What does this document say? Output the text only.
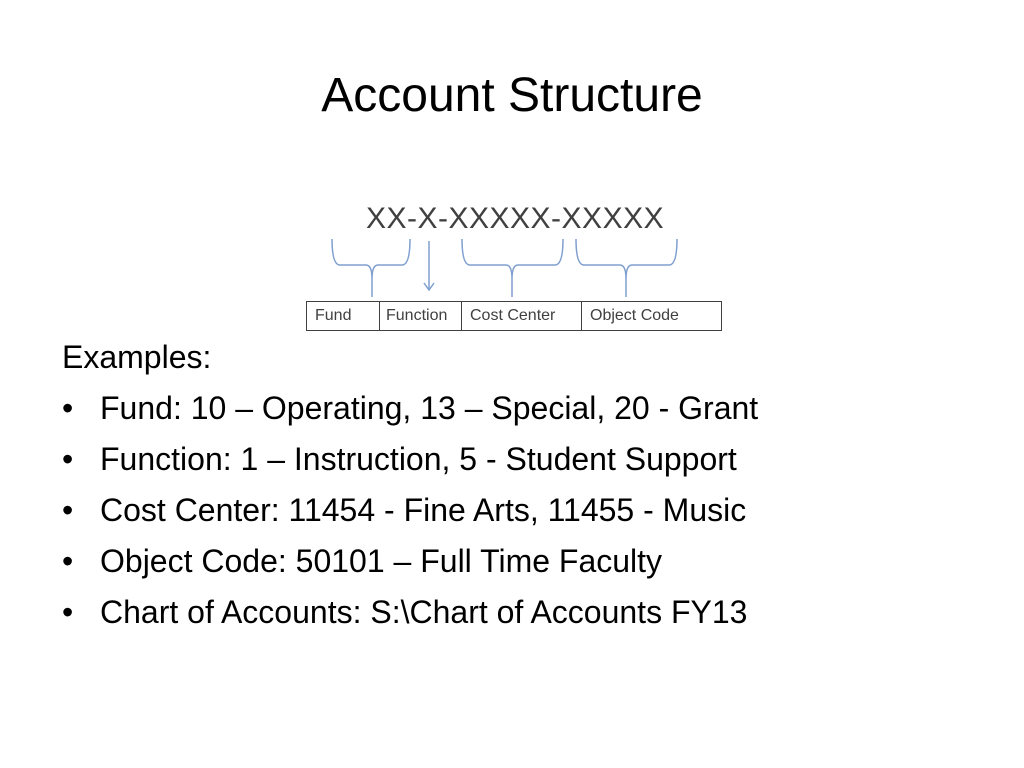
Account Structure
XX-X-XXXXX-XXXXX
Fund	Function	Cost Center	Object Code

Examples:

• Fund: 10 – Operating, 13 – Special, 20 - Grant
• Function: 1 – Instruction, 5 - Student Support
• Cost Center: 11454 - Fine Arts, 11455 - Music
• Object Code: 50101 – Full Time Faculty
• Chart of Accounts: S:\Chart of Accounts FY13
